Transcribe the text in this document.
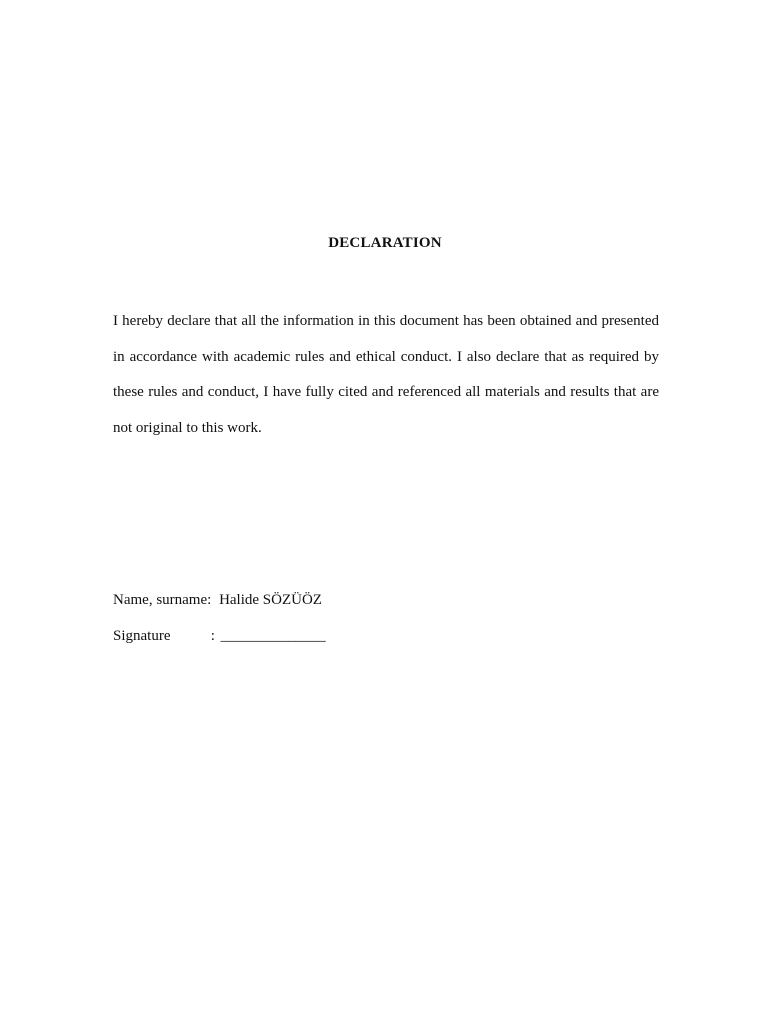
DECLARATION
I hereby declare that all the information in this document has been obtained and presented in accordance with academic rules and ethical conduct. I also declare that as required by these rules and conduct, I have fully cited and referenced all materials and results that are not original to this work.
Name, surname: Halide SÖZÜÖZ
Signature	: ______________
